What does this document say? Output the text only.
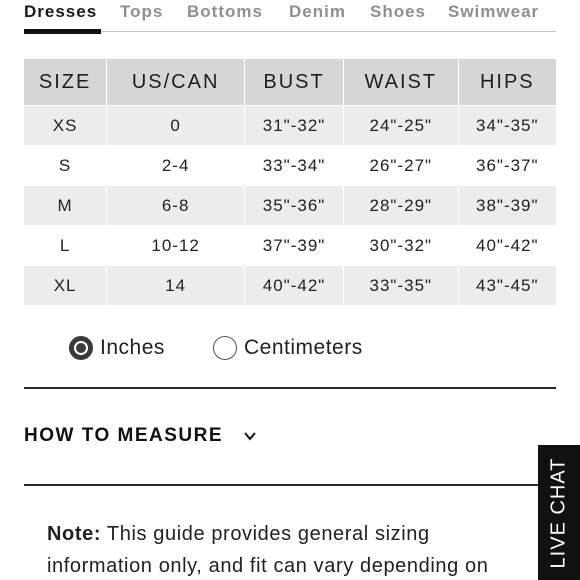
Dresses Tops Bottoms Denim Shoes Swimwear
SIZE	US/CAN	BUST	WAIST	HIPS
XS	0	31"-32"	24"-25"	34"-35"
S	2-4	33"-34"	26"-27"	36"-37"
M	6-8	35"-36"	28"-29"	38"-39"
L	10-12	37"-39"	30"-32"	40"-42"
XL	14	40"-42"	33"-35"	43"-45"
Inches	Centimeters
HOW TO MEASURE
Note: This guide provides general sizing
information only, and fit can vary depending on	LIVE CHAT
